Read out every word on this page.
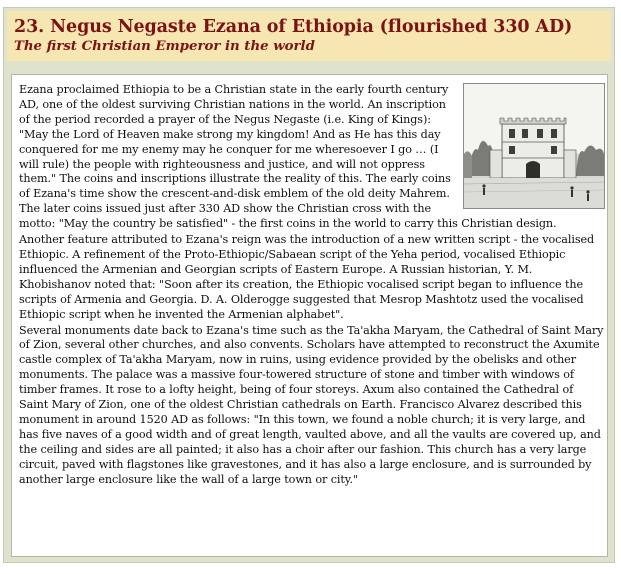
23. Negus Negaste Ezana of Ethiopia (flourished 330 AD)
The first Christian Emperor in the world

Ezana proclaimed Ethiopia to be a Christian state in the early fourth century AD, one of the oldest surviving Christian nations in the world. An inscription of the period recorded a prayer of the Negus Negaste (i.e. King of Kings): "May the Lord of Heaven make strong my kingdom! And as He has this day conquered for me my enemy may he conquer for me wheresoever I go … (I will rule) the people with righteousness and justice, and will not oppress them." The coins and inscriptions illustrate the reality of this. The early coins of Ezana's time show the crescent-and-disk emblem of the old deity Mahrem. The later coins issued just after 330 AD show the Christian cross with the motto: "May the country be satisfied" - the first coins in the world to carry this Christian design.

Another feature attributed to Ezana's reign was the introduction of a new written script - the vocalised Ethiopic. A refinement of the Proto-Ethiopic/Sabaean script of the Yeha period, vocalised Ethiopic influenced the Armenian and Georgian scripts of Eastern Europe. A Russian historian, Y. M. Khobishanov noted that: "Soon after its creation, the Ethiopic vocalised script began to influence the scripts of Armenia and Georgia. D. A. Olderogge suggested that Mesrop Mashtotz used the vocalised Ethiopic script when he invented the Armenian alphabet".

Several monuments date back to Ezana's time such as the Ta'akha Maryam, the Cathedral of Saint Mary of Zion, several other churches, and also convents. Scholars have attempted to reconstruct the Axumite castle complex of Ta'akha Maryam, now in ruins, using evidence provided by the obelisks and other monuments. The palace was a massive four-towered structure of stone and timber with windows of timber frames. It rose to a lofty height, being of four storeys. Axum also contained the Cathedral of Saint Mary of Zion, one of the oldest Christian cathedrals on Earth. Francisco Alvarez described this monument in around 1520 AD as follows: "In this town, we found a noble church; it is very large, and has five naves of a good width and of great length, vaulted above, and all the vaults are covered up, and the ceiling and sides are all painted; it also has a choir after our fashion. This church has a very large circuit, paved with flagstones like gravestones, and it has also a large enclosure, and is surrounded by another large enclosure like the wall of a large town or city."
